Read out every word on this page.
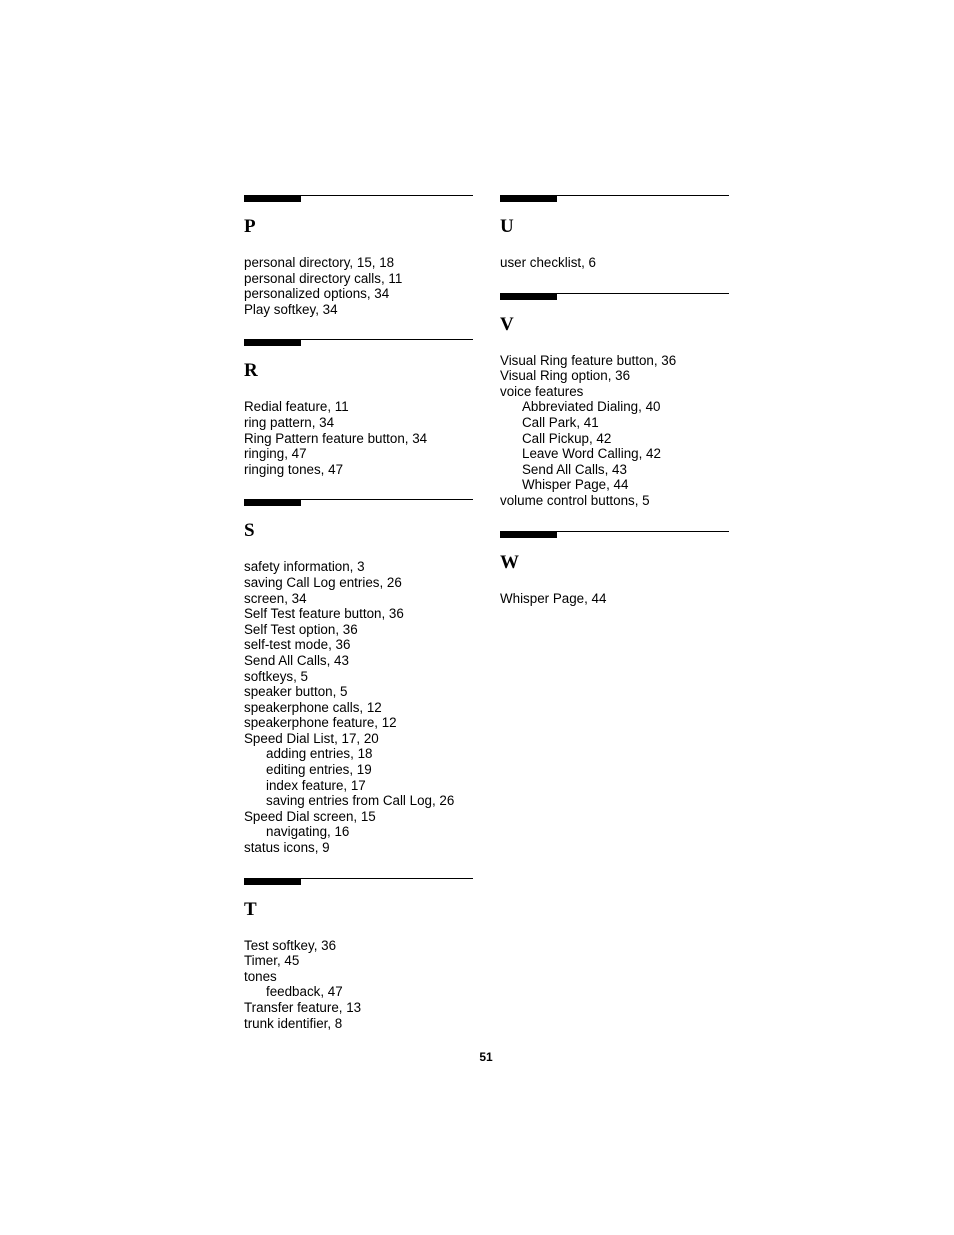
P
personal directory, 15, 18
personal directory calls, 11
personalized options, 34
Play softkey, 34
R
Redial feature, 11
ring pattern, 34
Ring Pattern feature button, 34
ringing, 47
ringing tones, 47
S
safety information, 3
saving Call Log entries, 26
screen, 34
Self Test feature button, 36
Self Test option, 36
self-test mode, 36
Send All Calls, 43
softkeys, 5
speaker button, 5
speakerphone calls, 12
speakerphone feature, 12
Speed Dial List, 17, 20
adding entries, 18
editing entries, 19
index feature, 17
saving entries from Call Log, 26
Speed Dial screen, 15
navigating, 16
status icons, 9
T
Test softkey, 36
Timer, 45
tones
feedback, 47
Transfer feature, 13
trunk identifier, 8
U
user checklist, 6
V
Visual Ring feature button, 36
Visual Ring option, 36
voice features
Abbreviated Dialing, 40
Call Park, 41
Call Pickup, 42
Leave Word Calling, 42
Send All Calls, 43
Whisper Page, 44
volume control buttons, 5
W
Whisper Page, 44
51
